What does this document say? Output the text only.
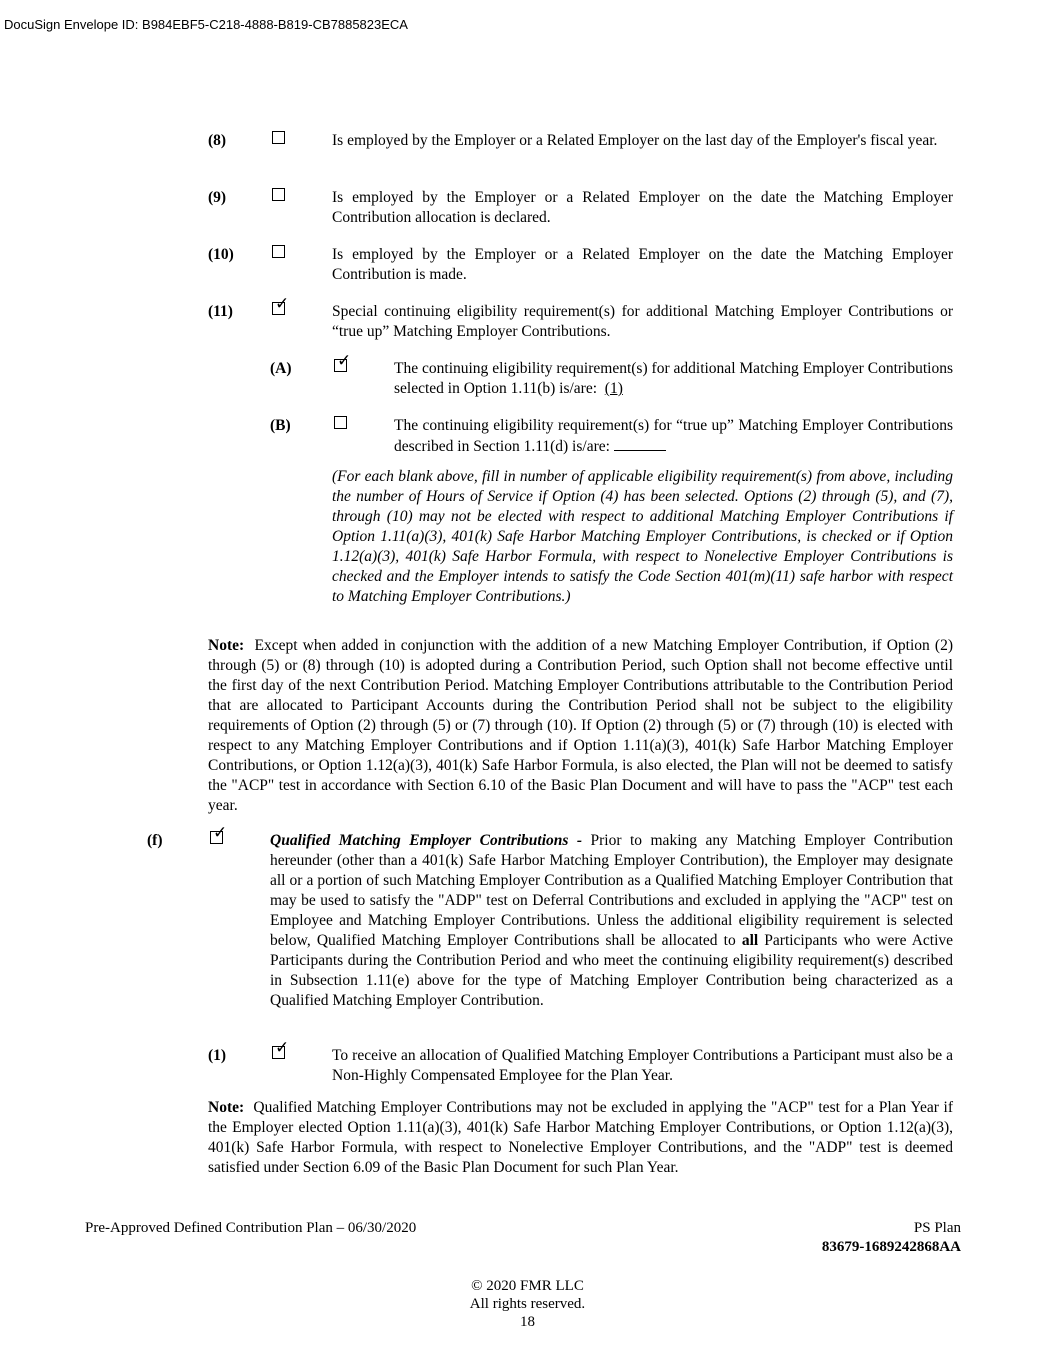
DocuSign Envelope ID: B984EBF5-C218-4888-B819-CB7885823ECA
(8)	Is employed by the Employer or a Related Employer on the last day of the Employer's fiscal year.
(9)	Is employed by the Employer or a Related Employer on the date the Matching Employer Contribution allocation is declared.
(10)	Is employed by the Employer or a Related Employer on the date the Matching Employer Contribution is made.
(11) ✓	Special continuing eligibility requirement(s) for additional Matching Employer Contributions or “true up” Matching Employer Contributions.
(A)	✓	The continuing eligibility requirement(s) for additional Matching Employer Contributions selected in Option 1.11(b) is/are: (1)
(B)	The continuing eligibility requirement(s) for “true up” Matching Employer Contributions described in Section 1.11(d) is/are:
(For each blank above, fill in number of applicable eligibility requirement(s) from above, including the number of Hours of Service if Option (4) has been selected. Options (2) through (5), and (7), through (10) may not be elected with respect to additional Matching Employer Contributions if Option 1.11(a)(3), 401(k) Safe Harbor Matching Employer Contributions, is checked or if Option 1.12(a)(3), 401(k) Safe Harbor Formula, with respect to Nonelective Employer Contributions is checked and the Employer intends to satisfy the Code Section 401(m)(11) safe harbor with respect to Matching Employer Contributions.)
Note: Except when added in conjunction with the addition of a new Matching Employer Contribution, if Option (2) through (5) or (8) through (10) is adopted during a Contribution Period, such Option shall not become effective until the first day of the next Contribution Period. Matching Employer Contributions attributable to the Contribution Period that are allocated to Participant Accounts during the Contribution Period shall not be subject to the eligibility requirements of Option (2) through (5) or (7) through (10). If Option (2) through (5) or (7) through (10) is elected with respect to any Matching Employer Contributions and if Option 1.11(a)(3), 401(k) Safe Harbor Matching Employer Contributions, or Option 1.12(a)(3), 401(k) Safe Harbor Formula, is also elected, the Plan will not be deemed to satisfy the "ACP" test in accordance with Section 6.10 of the Basic Plan Document and will have to pass the "ACP" test each year.
(f)	✓	Qualified Matching Employer Contributions - Prior to making any Matching Employer Contribution hereunder (other than a 401(k) Safe Harbor Matching Employer Contribution), the Employer may designate all or a portion of such Matching Employer Contribution as a Qualified Matching Employer Contribution that may be used to satisfy the "ADP" test on Deferral Contributions and excluded in applying the "ACP" test on Employee and Matching Employer Contributions. Unless the additional eligibility requirement is selected below, Qualified Matching Employer Contributions shall be allocated to all Participants who were Active Participants during the Contribution Period and who meet the continuing eligibility requirement(s) described in Subsection 1.11(e) above for the type of Matching Employer Contribution being characterized as a Qualified Matching Employer Contribution.
(1)	✓	To receive an allocation of Qualified Matching Employer Contributions a Participant must also be a Non-Highly Compensated Employee for the Plan Year.
Note: Qualified Matching Employer Contributions may not be excluded in applying the "ACP" test for a Plan Year if the Employer elected Option 1.11(a)(3), 401(k) Safe Harbor Matching Employer Contributions, or Option 1.12(a)(3), 401(k) Safe Harbor Formula, with respect to Nonelective Employer Contributions, and the "ADP" test is deemed satisfied under Section 6.09 of the Basic Plan Document for such Plan Year.
Pre-Approved Defined Contribution Plan – 06/30/2020	PS Plan
83679-1689242868AA
© 2020 FMR LLC
All rights reserved.
18
